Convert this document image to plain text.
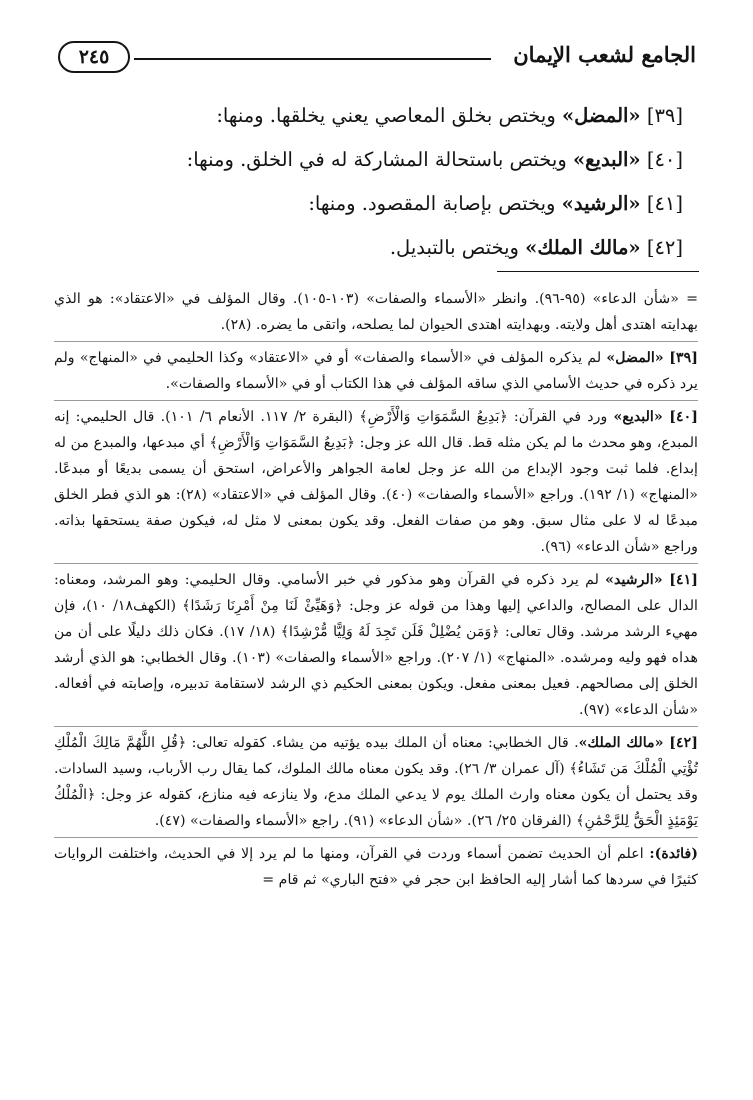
الجامع لشعب الإيمان
٢٤٥
[٣٩] «المضل» ويختص بخلق المعاصي يعني يخلقها. ومنها:
[٤٠] «البديع» ويختص باستحالة المشاركة له في الخلق. ومنها:
[٤١] «الرشيد» ويختص بإصابة المقصود. ومنها:
[٤٢] «مالك الملك» ويختص بالتبديل.

= «شأن الدعاء» (٩٥-٩٦). وانظر «الأسماء والصفات» (١٠٣-١٠٥). وقال المؤلف في «الاعتقاد»: هو الذي بهدايته اهتدى أهل ولايته. وبهدايته اهتدى الحيوان لما يصلحه، واتقى ما يضره. (٢٨).

[٣٩] «المضل» لم يذكره المؤلف في «الأسماء والصفات» أو في «الاعتقاد» وكذا الحليمي في «المنهاج» ولم يرد ذكره في حديث الأسامي الذي ساقه المؤلف في هذا الكتاب أو في «الأسماء والصفات».

[٤٠] «البديع» ورد في القرآن: ﴿بَدِيعُ السَّمَوَاتِ وَالْأَرْضِ﴾ (البقرة ٢/ ١١٧. الأنعام ٦/ ١٠١). قال الحليمي: إنه المبدع، وهو محدث ما لم يكن مثله قط. قال الله عز وجل: ﴿بَدِيعُ السَّمَوَاتِ وَالْأَرْضِ﴾ أي مبدعها، والمبدع من له إبداع. فلما ثبت وجود الإبداع من الله عز وجل لعامة الجواهر والأعراض، استحق أن يسمى بديعًا أو مبدعًا. «المنهاج» (١/ ١٩٢). وراجع «الأسماء والصفات» (٤٠). وقال المؤلف في «الاعتقاد» (٢٨): هو الذي فطر الخلق مبدعًا له لا على مثال سبق. وهو من صفات الفعل. وقد يكون بمعنى لا مثل له، فيكون صفة يستحقها بذاته. وراجع «شأن الدعاء» (٩٦).

[٤١] «الرشيد» لم يرد ذكره في القرآن وهو مذكور في خبر الأسامي. وقال الحليمي: وهو المرشد، ومعناه: الدال على المصالح، والداعي إليها وهذا من قوله عز وجل: ﴿وَهَيِّئْ لَنَا مِنْ أَمْرِنَا رَشَدًا﴾ (الكهف١٨/ ١٠)، فإن مهيء الرشد مرشد. وقال تعالى: ﴿وَمَن يُضْلِلْ فَلَن تَجِدَ لَهُ وَلِيًّا مُّرْشِدًا﴾ (١٨/ ١٧). فكان ذلك دليلًا على أن من هداه فهو وليه ومرشده. «المنهاج» (١/ ٢٠٧). وراجع «الأسماء والصفات» (١٠٣). وقال الخطابي: هو الذي أرشد الخلق إلى مصالحهم. فعيل بمعنى مفعل. ويكون بمعنى الحكيم ذي الرشد لاستقامة تدبيره، وإصابته في أفعاله. «شأن الدعاء» (٩٧).

[٤٢] «مالك الملك». قال الخطابي: معناه أن الملك بيده يؤتيه من يشاء. كقوله تعالى: ﴿قُلِ اللَّهُمَّ مَالِكَ الْمُلْكِ تُؤْتِي الْمُلْكَ مَن تَشَاءُ﴾ (آل عمران ٣/ ٢٦). وقد يكون معناه مالك الملوك، كما يقال رب الأرباب، وسيد السادات. وقد يحتمل أن يكون معناه وارث الملك يوم لا يدعي الملك مدع، ولا ينازعه فيه منازع، كقوله عز وجل: ﴿الْمُلْكُ يَوْمَئِذٍ الْحَقُّ لِلرَّحْمَٰنِ﴾ (الفرقان ٢٥/ ٢٦). «شأن الدعاء» (٩١). راجع «الأسماء والصفات» (٤٧).

(فائدة): اعلم أن الحديث تضمن أسماء وردت في القرآن، ومنها ما لم يرد إلا في الحديث، واختلفت الروايات كثيرًا في سردها كما أشار إليه الحافظ ابن حجر في «فتح الباري» ثم قام =
